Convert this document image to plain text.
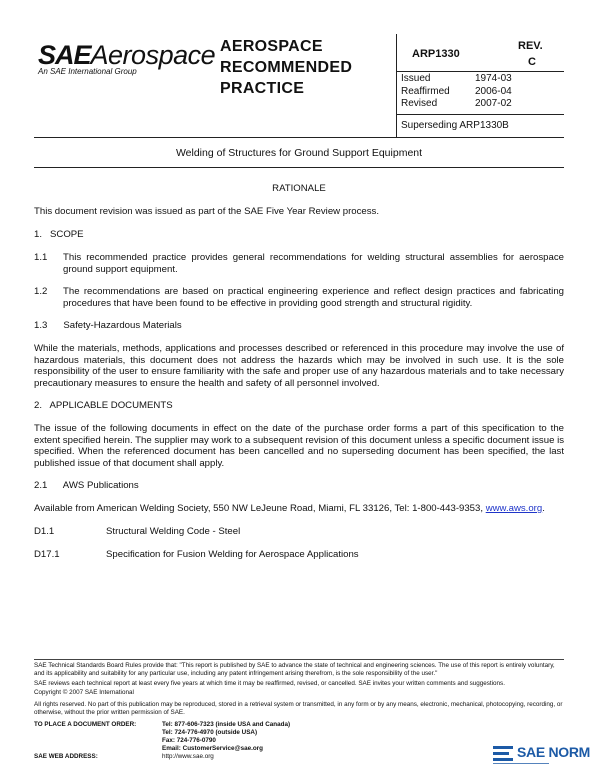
SAEAerospace
An SAE International Group
AEROSPACE
RECOMMENDED
PRACTICE
ARP1330
REV.
C
Issued	1974-03
Reaffirmed	2006-04
Revised	2007-02
Superseding ARP1330B
Welding of Structures for Ground Support Equipment
RATIONALE
This document revision was issued as part of the SAE Five Year Review process.
1.   SCOPE
1.1 This recommended practice provides general recommendations for welding structural assemblies for aerospace ground support equipment.
1.2 The recommendations are based on practical engineering experience and reflect design practices and fabricating procedures that have been found to be effective in providing good strength and structural rigidity.
1.3      Safety-Hazardous Materials
While the materials, methods, applications and processes described or referenced in this procedure may involve the use of hazardous materials, this document does not address the hazards which may be involved in such use. It is the sole responsibility of the user to ensure familiarity with the safe and proper use of any hazardous materials and to take necessary precautionary measures to ensure the health and safety of all personnel involved.
2.   APPLICABLE DOCUMENTS
The issue of the following documents in effect on the date of the purchase order forms a part of this specification to the extent specified herein. The supplier may work to a subsequent revision of this document unless a specific document issue is specified. When the referenced document has been cancelled and no superseding document has been specified, the last published issue of that document shall apply.
2.1      AWS Publications
Available from American Welding Society, 550 NW LeJeune Road, Miami, FL 33126, Tel: 1-800-443-9353, www.aws.org.
D1.1	Structural Welding Code - Steel
D17.1	Specification for Fusion Welding for Aerospace Applications
SAE Technical Standards Board Rules provide that: "This report is published by SAE to advance the state of technical and engineering sciences. The use of this report is entirely voluntary, and its applicability and suitability for any particular use, including any patent infringement arising therefrom, is the sole responsibility of the user."
SAE reviews each technical report at least every five years at which time it may be reaffirmed, revised, or cancelled. SAE invites your written comments and suggestions.
Copyright © 2007 SAE International
All rights reserved. No part of this publication may be reproduced, stored in a retrieval system or transmitted, in any form or by any means, electronic, mechanical, photocopying, recording, or otherwise, without the prior written permission of SAE.
TO PLACE A DOCUMENT ORDER:	Tel: 877-606-7323 (inside USA and Canada)
Tel: 724-776-4970 (outside USA)
Fax: 724-776-0790
Email: CustomerService@sae.org
SAE WEB ADDRESS:	http://www.sae.org	SAE NORM
